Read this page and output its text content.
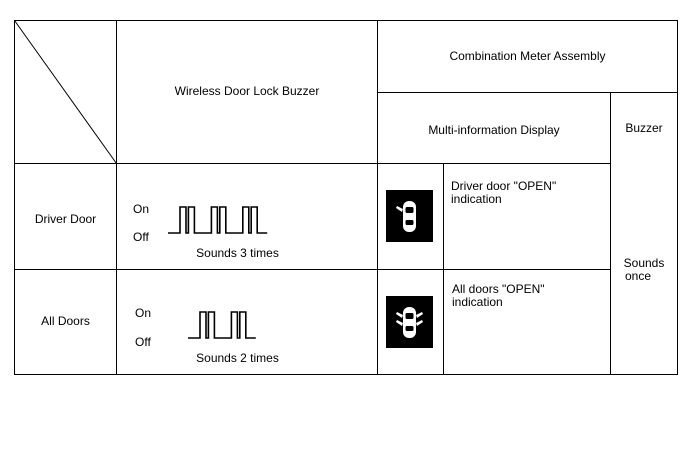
Wireless Door Lock Buzzer
Combination Meter Assembly
Multi-information Display	Buzzer
Driver Door
On
Off
Sounds 3 times
Driver door "OPEN"
indication
All Doors
On
Off
Sounds 2 times
All doors "OPEN"
indication
Sounds
once
